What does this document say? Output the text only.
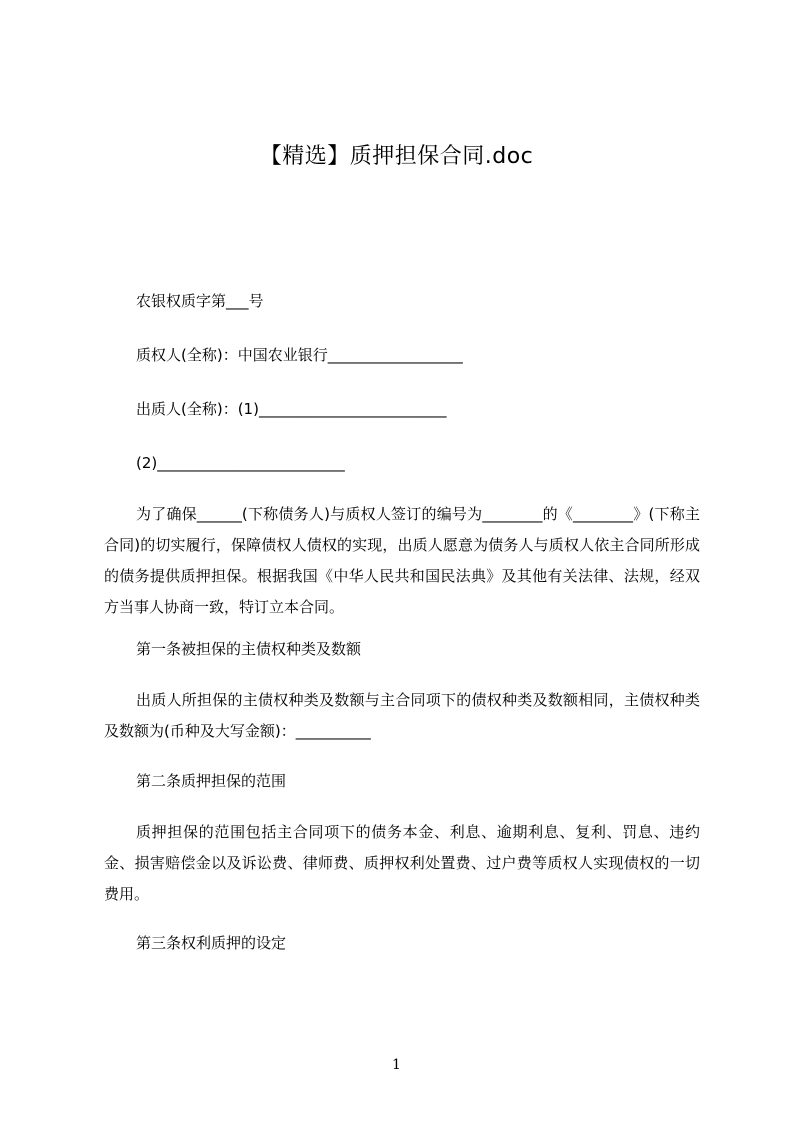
【精选】质押担保合同.doc
农银权质字第___号
质权人(全称)：中国农业银行__________________
出质人(全称)：(1)_________________________
(2)_________________________
为了确保______(下称债务人)与质权人签订的编号为________的《________》(下称主合同)的切实履行，保障债权人债权的实现，出质人愿意为债务人与质权人依主合同所形成的债务提供质押担保。根据我国《中华人民共和国民法典》及其他有关法律、法规，经双方当事人协商一致，特订立本合同。
第一条被担保的主债权种类及数额
出质人所担保的主债权种类及数额与主合同项下的债权种类及数额相同，主债权种类及数额为(币种及大写金额)：__________
第二条质押担保的范围
质押担保的范围包括主合同项下的债务本金、利息、逾期利息、复利、罚息、违约金、损害赔偿金以及诉讼费、律师费、质押权利处置费、过户费等质权人实现债权的一切费用。
第三条权利质押的设定
1
